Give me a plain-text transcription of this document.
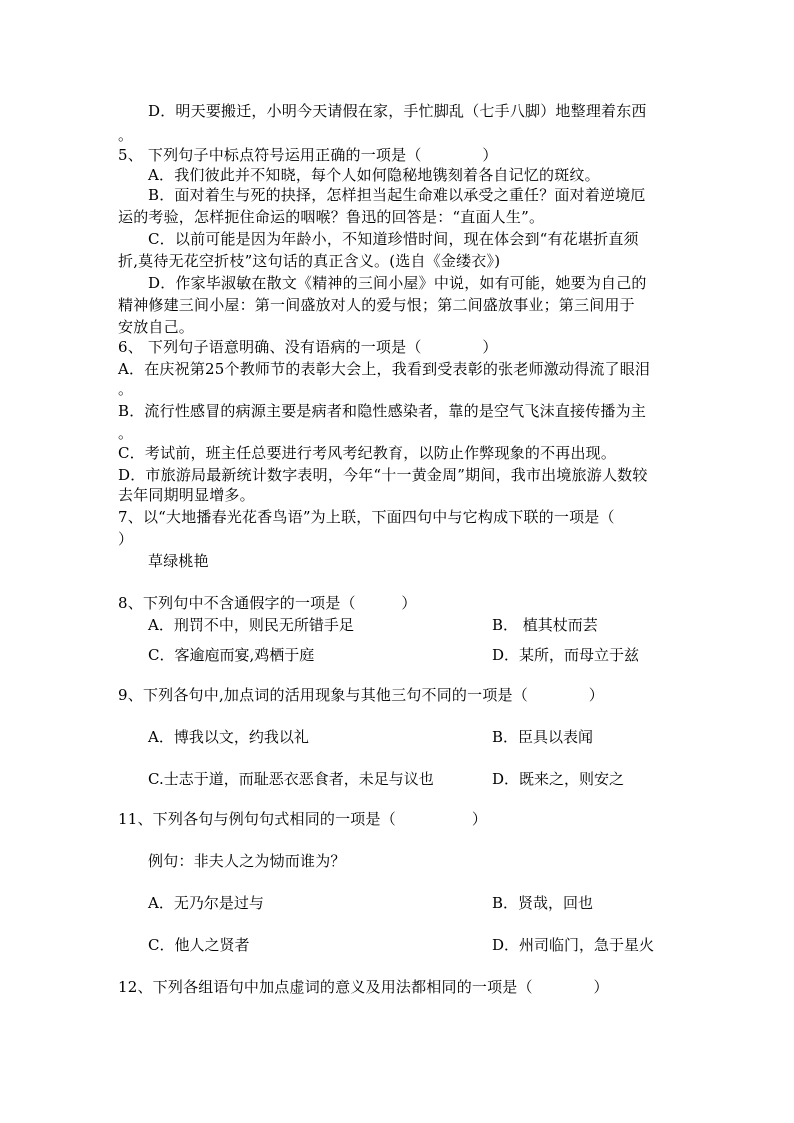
D．明天要搬迁，小明今天请假在家，手忙脚乱（七手八脚）地整理着东西
。
5、 下列句子中标点符号运用正确的一项是（　　　　）
A．我们彼此并不知晓，每个人如何隐秘地镌刻着各自记忆的斑纹。
B．面对着生与死的抉择，怎样担当起生命难以承受之重任？面对着逆境厄
运的考验，怎样扼住命运的咽喉？鲁迅的回答是：“直面人生”。
C．以前可能是因为年龄小，不知道珍惜时间，现在体会到“有花堪折直须
折,莫待无花空折枝”这句话的真正含义。(选自《金缕衣》)
D．作家毕淑敏在散文《精神的三间小屋》中说，如有可能，她要为自己的
精神修建三间小屋：第一间盛放对人的爱与恨；第二间盛放事业；第三间用于
安放自己。
6、 下列句子语意明确、没有语病的一项是（　　　　）
A．在庆祝第25个教师节的表彰大会上，我看到受表彰的张老师激动得流了眼泪
。
B．流行性感冒的病源主要是病者和隐性感染者，靠的是空气飞沫直接传播为主
。
C．考试前，班主任总要进行考风考纪教育，以防止作弊现象的不再出现。
D．市旅游局最新统计数字表明，今年“十一黄金周”期间，我市出境旅游人数较
去年同期明显增多。
7、以“大地播春光花香鸟语”为上联，下面四句中与它构成下联的一项是（
）
草绿桃艳
8、下列句中不含通假字的一项是（　　　）
A．刑罚不中，则民无所错手足	B． 植其杖而芸
C．客逾庖而宴,鸡栖于庭	D．某所，而母立于兹
9、下列各句中,加点词的活用现象与其他三句不同的一项是（　　　　）
A．博我以文，约我以礼	B．臣具以表闻
C.士志于道，而耻恶衣恶食者，未足与议也	D．既来之，则安之
11、下列各句与例句句式相同的一项是（　　　　　）
例句：非夫人之为恸而谁为？
A．无乃尔是过与	B．贤哉，回也
C．他人之贤者	D．州司临门，急于星火
12、下列各组语句中加点虚词的意义及用法都相同的一项是（　　　　）
